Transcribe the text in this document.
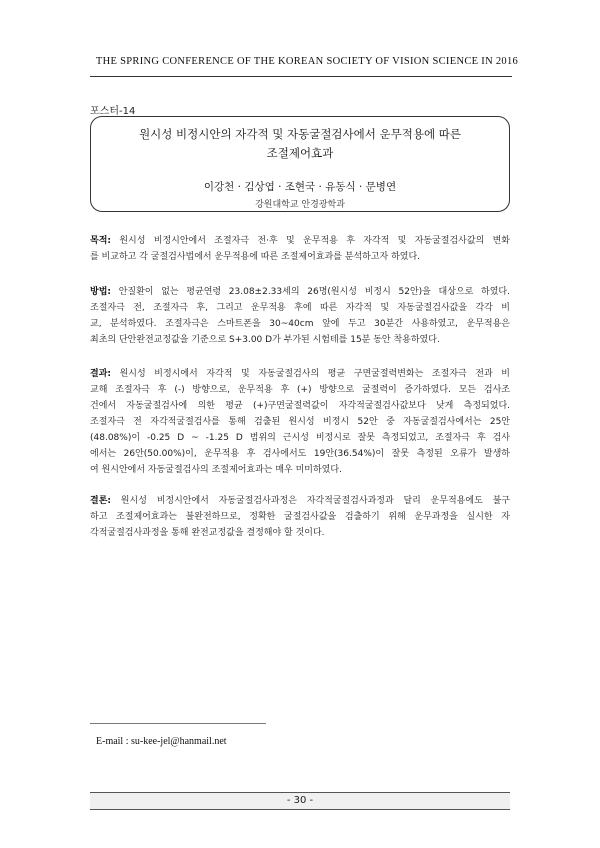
THE SPRING CONFERENCE OF THE KOREAN SOCIETY OF VISION SCIENCE IN 2016
포스터-14
원시성 비정시안의 자각적 및 자동굴절검사에서 운무적용에 따른
조절제어효과
이강천 · 김상엽 · 조현국 · 유동식 · 문병연
강원대학교 안경광학과
목적: 원시성 비정시안에서 조절자극 전·후 및 운무적용 후 자각적 및 자동굴절검사값의 변화
를 비교하고 각 굴절검사법에서 운무적용에 따른 조절제어효과를 분석하고자 하였다.
방법: 안질환이 없는 평균연령 23.08±2.33세의 26명(원시성 비정시 52안)을 대상으로 하였다.
조절자극 전, 조절자극 후, 그리고 운무적용 후에 따른 자각적 및 자동굴절검사값을 각각 비
교, 분석하였다. 조절자극은 스마트폰을 30~40cm 앞에 두고 30분간 사용하였고, 운무적용은
최초의 단안완전교정값을 기준으로 S+3.00 D가 부가된 시험테를 15분 동안 착용하였다.
결과: 원시성 비정시에서 자각적 및 자동굴절검사의 평균 구면굴절력변화는 조절자극 전과 비
교해 조절자극 후 (-) 방향으로, 운무적용 후 (+) 방향으로 굴절력이 증가하였다. 모든 검사조
건에서 자동굴절검사에 의한 평균 (+)구면굴절력값이 자각적굴절검사값보다 낮게 측정되었다.
조절자극 전 자각적굴절검사를 통해 검출된 원시성 비정시 52안 중 자동굴절검사에서는 25안
(48.08%)이 -0.25 D ~ -1.25 D 범위의 근시성 비정시로 잘못 측정되었고, 조절자극 후 검사
에서는 26안(50.00%)이, 운무적용 후 검사에서도 19안(36.54%)이 잘못 측정된 오류가 발생하
여 원시안에서 자동굴절검사의 조절제어효과는 매우 미미하였다.
결론: 원시성 비정시안에서 자동굴절검사과정은 자각적굴절검사과정과 달리 운무적용에도 불구
하고 조절제어효과는 불완전하므로, 정확한 굴절검사값을 검출하기 위해 운무과정을 실시한 자
각적굴절검사과정을 통해 완전교정값을 결정해야 할 것이다.
E-mail : su-kee-jel@hanmail.net
- 30 -
